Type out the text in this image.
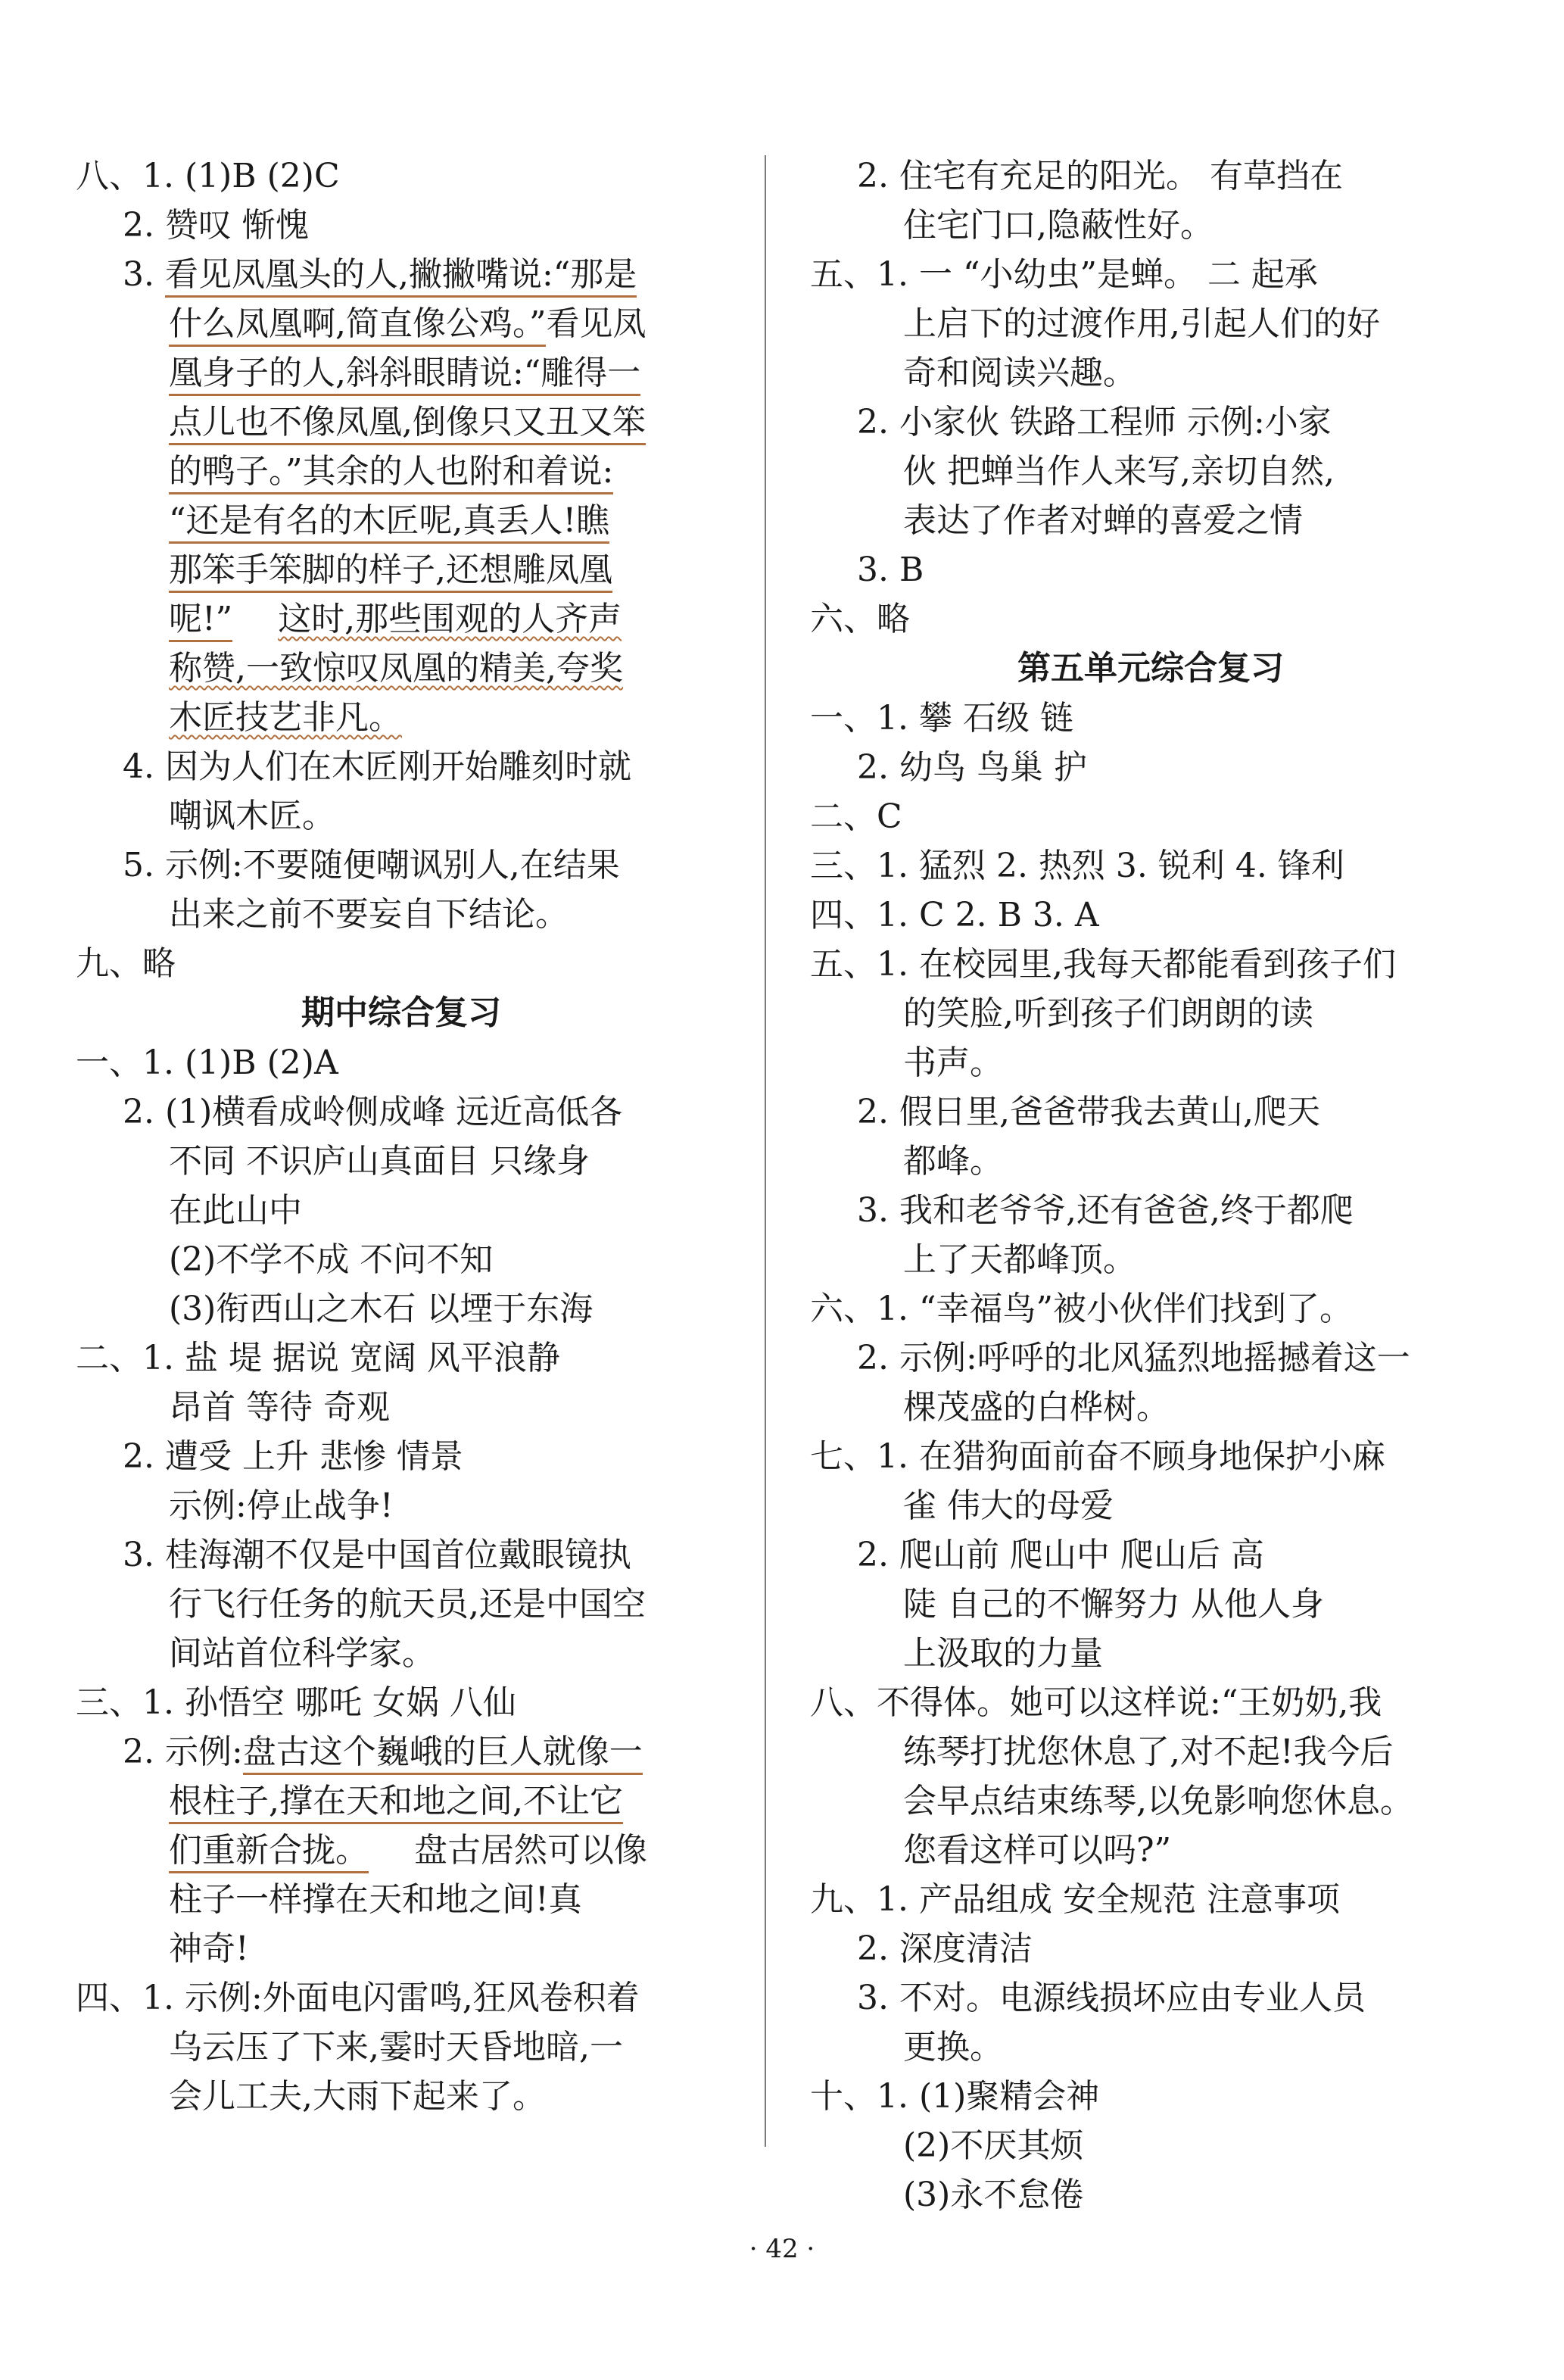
八、1. (1)B (2)C
2. 赞叹 惭愧
3. 看见凤凰头的人,撇撇嘴说:“那是
什么凤凰啊,简直像公鸡。”看见凤
凰身子的人,斜斜眼睛说:“雕得一
点儿也不像凤凰,倒像只又丑又笨
的鸭子。”其余的人也附和着说:
“还是有名的木匠呢,真丢人!瞧
那笨手笨脚的样子,还想雕凤凰
呢!” 这时,那些围观的人齐声
称赞,一致惊叹凤凰的精美,夸奖
木匠技艺非凡。
4. 因为人们在木匠刚开始雕刻时就
嘲讽木匠。
5. 示例:不要随便嘲讽别人,在结果
出来之前不要妄自下结论。
九、略
期中综合复习
一、1. (1)B (2)A
2. (1)横看成岭侧成峰 远近高低各
不同 不识庐山真面目 只缘身
在此山中
(2)不学不成 不问不知
(3)衔西山之木石 以堙于东海
二、1. 盐 堤 据说 宽阔 风平浪静
昂首 等待 奇观
2. 遭受 上升 悲惨 情景
示例:停止战争!
3. 桂海潮不仅是中国首位戴眼镜执
行飞行任务的航天员,还是中国空
间站首位科学家。
三、1. 孙悟空 哪吒 女娲 八仙
2. 示例:盘古这个巍峨的巨人就像一
根柱子,撑在天和地之间,不让它
们重新合拢。 盘古居然可以像
柱子一样撑在天和地之间!真
神奇!
四、1. 示例:外面电闪雷鸣,狂风卷积着
乌云压了下来,霎时天昏地暗,一
会儿工夫,大雨下起来了。
2. 住宅有充足的阳光。 有草挡在
住宅门口,隐蔽性好。
五、1. 一 “小幼虫”是蝉。 二 起承
上启下的过渡作用,引起人们的好
奇和阅读兴趣。
2. 小家伙 铁路工程师 示例:小家
伙 把蝉当作人来写,亲切自然,
表达了作者对蝉的喜爱之情
3. B
六、略
第五单元综合复习
一、1. 攀 石级 链
2. 幼鸟 鸟巢 护
二、C
三、1. 猛烈 2. 热烈 3. 锐利 4. 锋利
四、1. C 2. B 3. A
五、1. 在校园里,我每天都能看到孩子们
的笑脸,听到孩子们朗朗的读
书声。
2. 假日里,爸爸带我去黄山,爬天
都峰。
3. 我和老爷爷,还有爸爸,终于都爬
上了天都峰顶。
六、1. “幸福鸟”被小伙伴们找到了。
2. 示例:呼呼的北风猛烈地摇撼着这一
棵茂盛的白桦树。
七、1. 在猎狗面前奋不顾身地保护小麻
雀 伟大的母爱
2. 爬山前 爬山中 爬山后 高
陡 自己的不懈努力 从他人身
上汲取的力量
八、不得体。她可以这样说:“王奶奶,我
练琴打扰您休息了,对不起!我今后
会早点结束练琴,以免影响您休息。
您看这样可以吗?”
九、1. 产品组成 安全规范 注意事项
2. 深度清洁
3. 不对。电源线损坏应由专业人员
更换。
十、1. (1)聚精会神
(2)不厌其烦
(3)永不怠倦
· 42 ·
